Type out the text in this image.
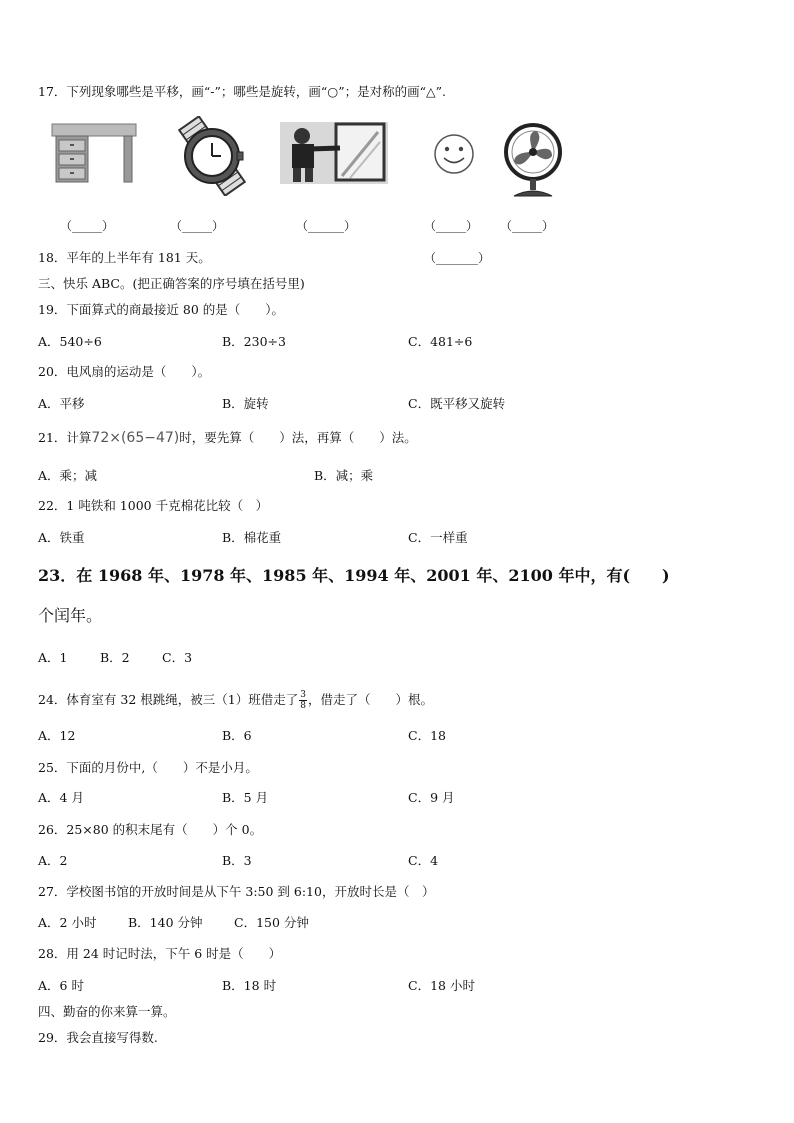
17．下列现象哪些是平移，画“-”；哪些是旋转，画“○”；是对称的画“△”.
（_____）	（_____）	（______）	（_____） （_____）
18．平年的上半年有 181 天。	（_______）
三、快乐 ABC。(把正确答案的序号填在括号里)
19．下面算式的商最接近 80 的是（　　）。
A．540÷6	B．230÷3	C．481÷6
20．电风扇的运动是（　　）。
A．平移	B．旋转	C．既平移又旋转
21．计算72×(65−47)时，要先算（　　）法，再算（　　）法。
A．乘；减	B．减；乘
22．1 吨铁和 1000 千克棉花比较（　）
A．铁重	B．棉花重	C．一样重
23．在 1968 年、1978 年、1985 年、1994 年、2001 年、2100 年中，有(　　)
个闰年。
A．1	B．2	C．3
24．体育室有 32 根跳绳，被三（1）班借走了 $\frac{3}{8}$ ，借走了（　　）根。
A．12	B．6	C．18
25．下面的月份中,（　　）不是小月。
A．4 月	B．5 月	C．9 月
26．25×80 的积末尾有（　　）个 0。
A．2	B．3	C．4
27．学校图书馆的开放时间是从下午 3:50 到 6:10，开放时长是（　）
A．2 小时	B．140 分钟	C．150 分钟
28．用 24 时记时法，下午 6 时是（　　）
A．6 时	B．18 时	C．18 小时
四、勤奋的你来算一算。
29．我会直接写得数.
